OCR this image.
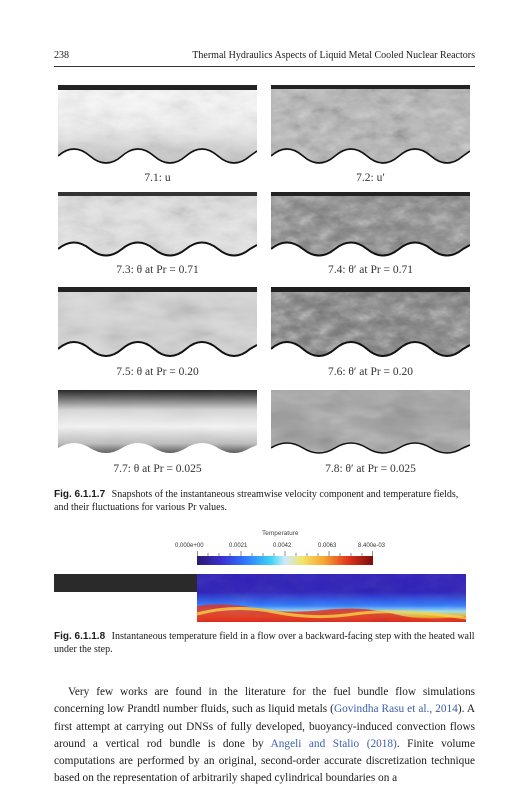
238	Thermal Hydraulics Aspects of Liquid Metal Cooled Nuclear Reactors
7.1: u	7.2: u′
7.3: θ at Pr = 0.71	7.4: θ′ at Pr = 0.71
7.5: θ at Pr = 0.20	7.6: θ′ at Pr = 0.20
7.7: θ at Pr = 0.025	7.8: θ′ at Pr = 0.025
Fig. 6.1.1.7 Snapshots of the instantaneous streamwise velocity component and temperature fields, and their fluctuations for various Pr values.
Temperature
0.000e+00	0.0021	0.0042	0.0063	8.400e-03
Fig. 6.1.1.8 Instantaneous temperature field in a flow over a backward-facing step with the heated wall under the step.

Very few works are found in the literature for the fuel bundle flow simulations concerning low Prandtl number fluids, such as liquid metals (Govindha Rasu et al., 2014). A first attempt at carrying out DNSs of fully developed, buoyancy-induced convection flows around a vertical rod bundle is done by Angeli and Stalio (2018). Finite volume computations are performed by an original, second-order accurate discretization technique based on the representation of arbitrarily shaped cylindrical boundaries on a
